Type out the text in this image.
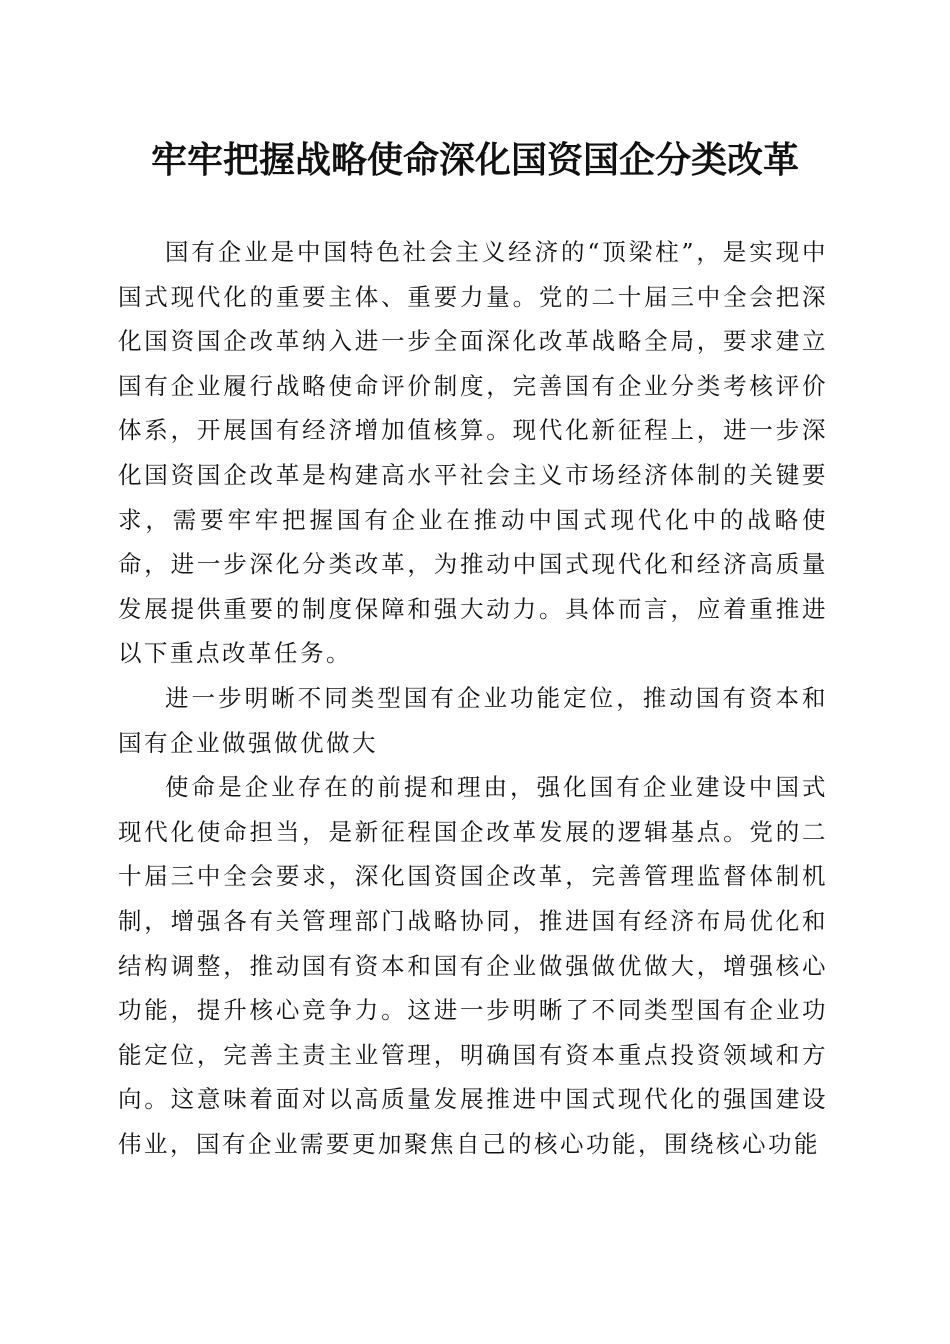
牢牢把握战略使命深化国资国企分类改革

国有企业是中国特色社会主义经济的“顶梁柱”，是实现中国式现代化的重要主体、重要力量。党的二十届三中全会把深化国资国企改革纳入进一步全面深化改革战略全局，要求建立国有企业履行战略使命评价制度，完善国有企业分类考核评价体系，开展国有经济增加值核算。现代化新征程上，进一步深化国资国企改革是构建高水平社会主义市场经济体制的关键要求，需要牢牢把握国有企业在推动中国式现代化中的战略使命，进一步深化分类改革，为推动中国式现代化和经济高质量发展提供重要的制度保障和强大动力。具体而言，应着重推进以下重点改革任务。

进一步明晰不同类型国有企业功能定位，推动国有资本和国有企业做强做优做大

使命是企业存在的前提和理由，强化国有企业建设中国式现代化使命担当，是新征程国企改革发展的逻辑基点。党的二十届三中全会要求，深化国资国企改革，完善管理监督体制机制，增强各有关管理部门战略协同，推进国有经济布局优化和结构调整，推动国有资本和国有企业做强做优做大，增强核心功能，提升核心竞争力。这进一步明晰了不同类型国有企业功能定位，完善主责主业管理，明确国有资本重点投资领域和方向。这意味着面对以高质量发展推进中国式现代化的强国建设伟业，国有企业需要更加聚焦自己的核心功能，围绕核心功能
